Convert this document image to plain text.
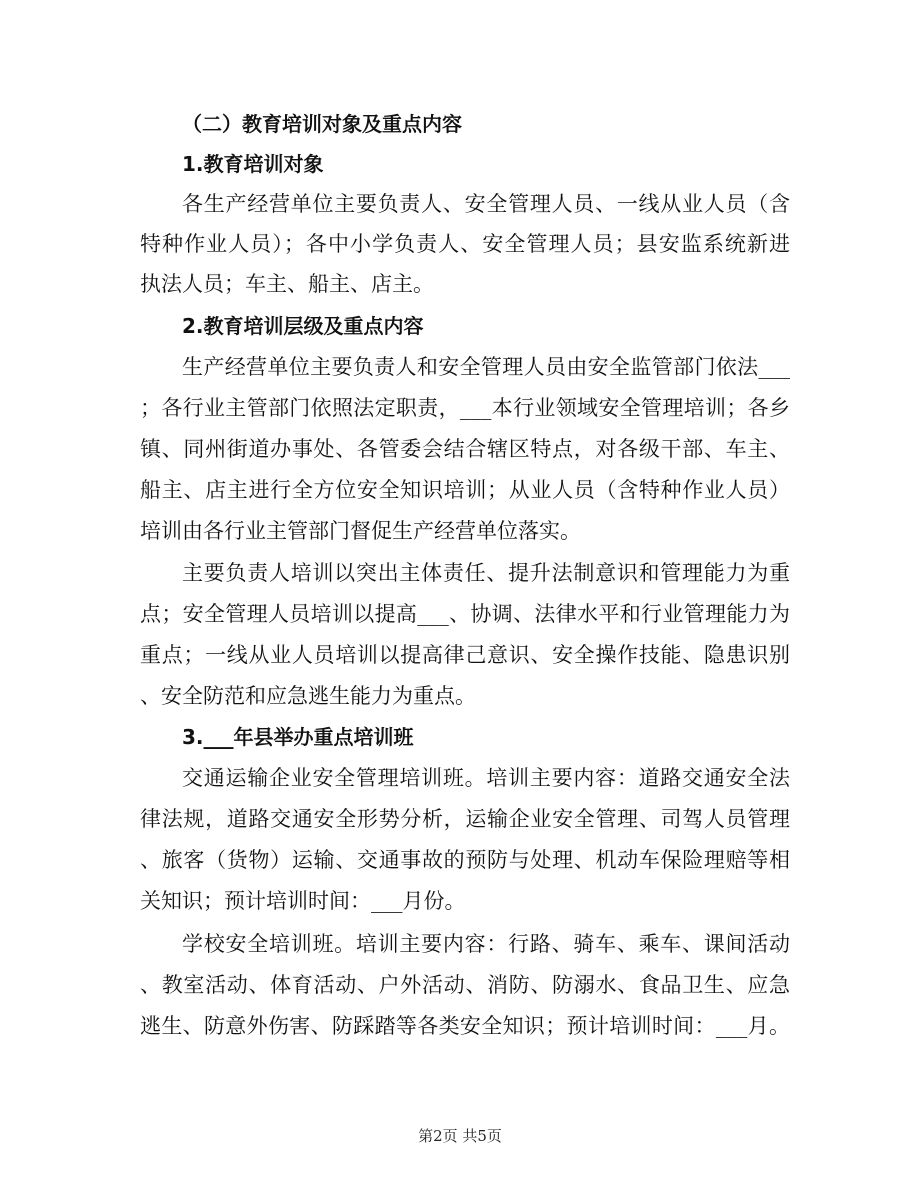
（二）教育培训对象及重点内容
1.教育培训对象
各生产经营单位主要负责人、安全管理人员、一线从业人员（含
特种作业人员）；各中小学负责人、安全管理人员；县安监系统新进
执法人员；车主、船主、店主。
2.教育培训层级及重点内容
生产经营单位主要负责人和安全管理人员由安全监管部门依法___
；各行业主管部门依照法定职责，___本行业领域安全管理培训；各乡
镇、同州街道办事处、各管委会结合辖区特点，对各级干部、车主、
船主、店主进行全方位安全知识培训；从业人员（含特种作业人员）
培训由各行业主管部门督促生产经营单位落实。
主要负责人培训以突出主体责任、提升法制意识和管理能力为重
点；安全管理人员培训以提高___、协调、法律水平和行业管理能力为
重点；一线从业人员培训以提高律己意识、安全操作技能、隐患识别
、安全防范和应急逃生能力为重点。
3.___年县举办重点培训班
交通运输企业安全管理培训班。培训主要内容：道路交通安全法
律法规，道路交通安全形势分析，运输企业安全管理、司驾人员管理
、旅客（货物）运输、交通事故的预防与处理、机动车保险理赔等相
关知识；预计培训时间：___月份。
学校安全培训班。培训主要内容：行路、骑车、乘车、课间活动
、教室活动、体育活动、户外活动、消防、防溺水、食品卫生、应急
逃生、防意外伤害、防踩踏等各类安全知识；预计培训时间：___月。
第2页 共5页
